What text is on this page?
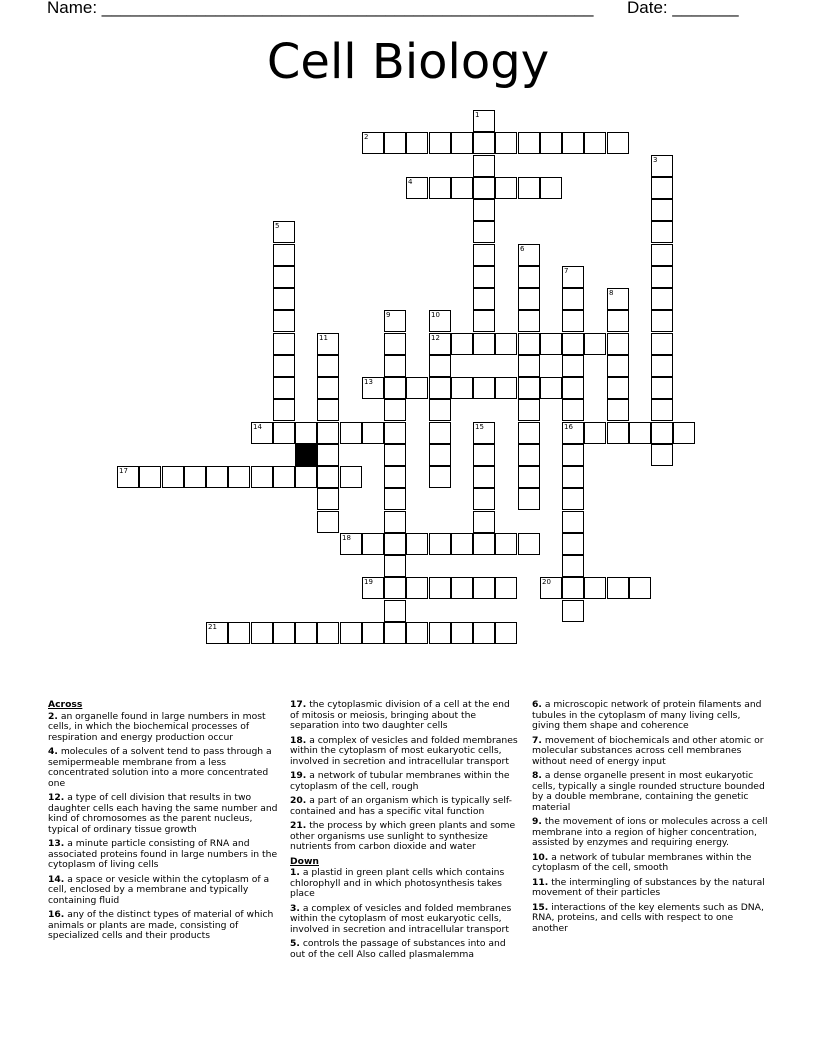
Name: ____________________________________________________ Date: _______
Cell Biology
1
2
3
4
5
6
7
16
8
9	10
12
11
13
14	15
17
18
19	20
21
Across
2. an organelle found in large numbers in most cells, in which the biochemical processes of respiration and energy production occur
4. molecules of a solvent tend to pass through a semipermeable membrane from a less concentrated solution into a more concentrated one
12. a type of cell division that results in two daughter cells each having the same number and kind of chromosomes as the parent nucleus, typical of ordinary tissue growth
13. a minute particle consisting of RNA and associated proteins found in large numbers in the cytoplasm of living cells
14. a space or vesicle within the cytoplasm of a cell, enclosed by a membrane and typically containing fluid
16. any of the distinct types of material of which animals or plants are made, consisting of specialized cells and their products
17. the cytoplasmic division of a cell at the end of mitosis or meiosis, bringing about the separation into two daughter cells
18. a complex of vesicles and folded membranes within the cytoplasm of most eukaryotic cells, involved in secretion and intracellular transport
19. a network of tubular membranes within the cytoplasm of the cell, rough
20. a part of an organism which is typically self-contained and has a specific vital function
21. the process by which green plants and some other organisms use sunlight to synthesize nutrients from carbon dioxide and water
Down
1. a plastid in green plant cells which contains chlorophyll and in which photosynthesis takes place
3. a complex of vesicles and folded membranes within the cytoplasm of most eukaryotic cells, involved in secretion and intracellular transport
5. controls the passage of substances into and out of the cell Also called plasmalemma
6. a microscopic network of protein filaments and tubules in the cytoplasm of many living cells, giving them shape and coherence
7. movement of biochemicals and other atomic or molecular substances across cell membranes without need of energy input
8. a dense organelle present in most eukaryotic cells, typically a single rounded structure bounded by a double membrane, containing the genetic material
9. the movement of ions or molecules across a cell membrane into a region of higher concentration, assisted by enzymes and requiring energy.
10. a network of tubular membranes within the cytoplasm of the cell, smooth
11. the intermingling of substances by the natural movement of their particles
15. interactions of the key elements such as DNA, RNA, proteins, and cells with respect to one another
